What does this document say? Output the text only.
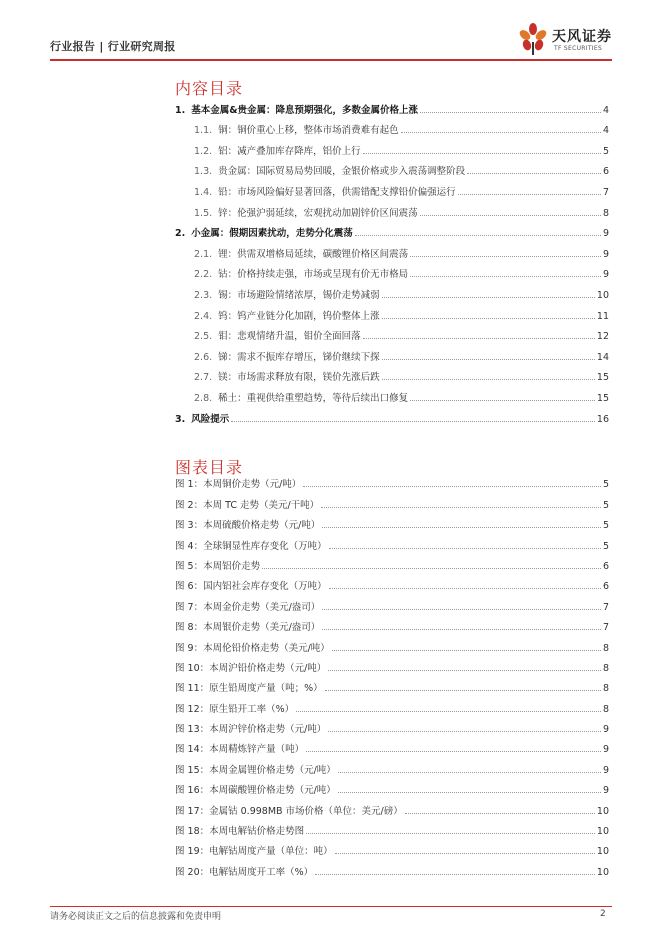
行业报告 | 行业研究周报
天风证券
TF SECURITIES
内容目录
1. 基本金属&贵金属：降息预期强化，多数金属价格上涨	4
1.1. 铜：铜价重心上移，整体市场消费难有起色	4
1.2. 铝：减产叠加库存降库，铝价上行	5
1.3. 贵金属：国际贸易局势回暖，金银价格或步入震荡调整阶段	6
1.4. 铅：市场风险偏好显著回落，供需错配支撑铅价偏强运行	7
1.5. 锌：伦强沪弱延续，宏观扰动加剧锌价区间震荡	8
2. 小金属：假期因素扰动，走势分化震荡	9
2.1. 锂：供需双增格局延续，碳酸锂价格区间震荡	9
2.2. 钴：价格持续走强，市场或呈现有价无市格局	9
2.3. 锡：市场避险情绪浓厚，锡价走势减弱	10
2.4. 钨：钨产业链分化加剧，钨价整体上涨	11
2.5. 钼：悲观情绪升温，钼价全面回落	12
2.6. 锑：需求不振库存增压，锑价继续下探	14
2.7. 镁：市场需求释放有限，镁价先涨后跌	15
2.8. 稀土：重视供给重塑趋势，等待后续出口修复	15
3. 风险提示	16
图表目录
图 1：本周铜价走势（元/吨）	5
图 2：本周 TC 走势（美元/干吨）	5
图 3：本周硫酸价格走势（元/吨）	5
图 4：全球铜显性库存变化（万吨）	5
图 5：本周铝价走势	6
图 6：国内铝社会库存变化（万吨）	6
图 7：本周金价走势（美元/盎司）	7
图 8：本周银价走势（美元/盎司）	7
图 9：本周伦铅价格走势（美元/吨）	8
图 10：本周沪铅价格走势（元/吨）	8
图 11：原生铅周度产量（吨；%）	8
图 12：原生铅开工率（%）	8
图 13：本周沪锌价格走势（元/吨）	9
图 14：本周精炼锌产量（吨）	9
图 15：本周金属锂价格走势（元/吨）	9
图 16：本周碳酸锂价格走势（元/吨）	9
图 17：金属钴 0.998MB 市场价格（单位：美元/磅）	10
图 18：本周电解钴价格走势图	10
图 19：电解钴周度产量（单位：吨）	10
图 20：电解钴周度开工率（%）	10
请务必阅读正文之后的信息披露和免责申明	2
